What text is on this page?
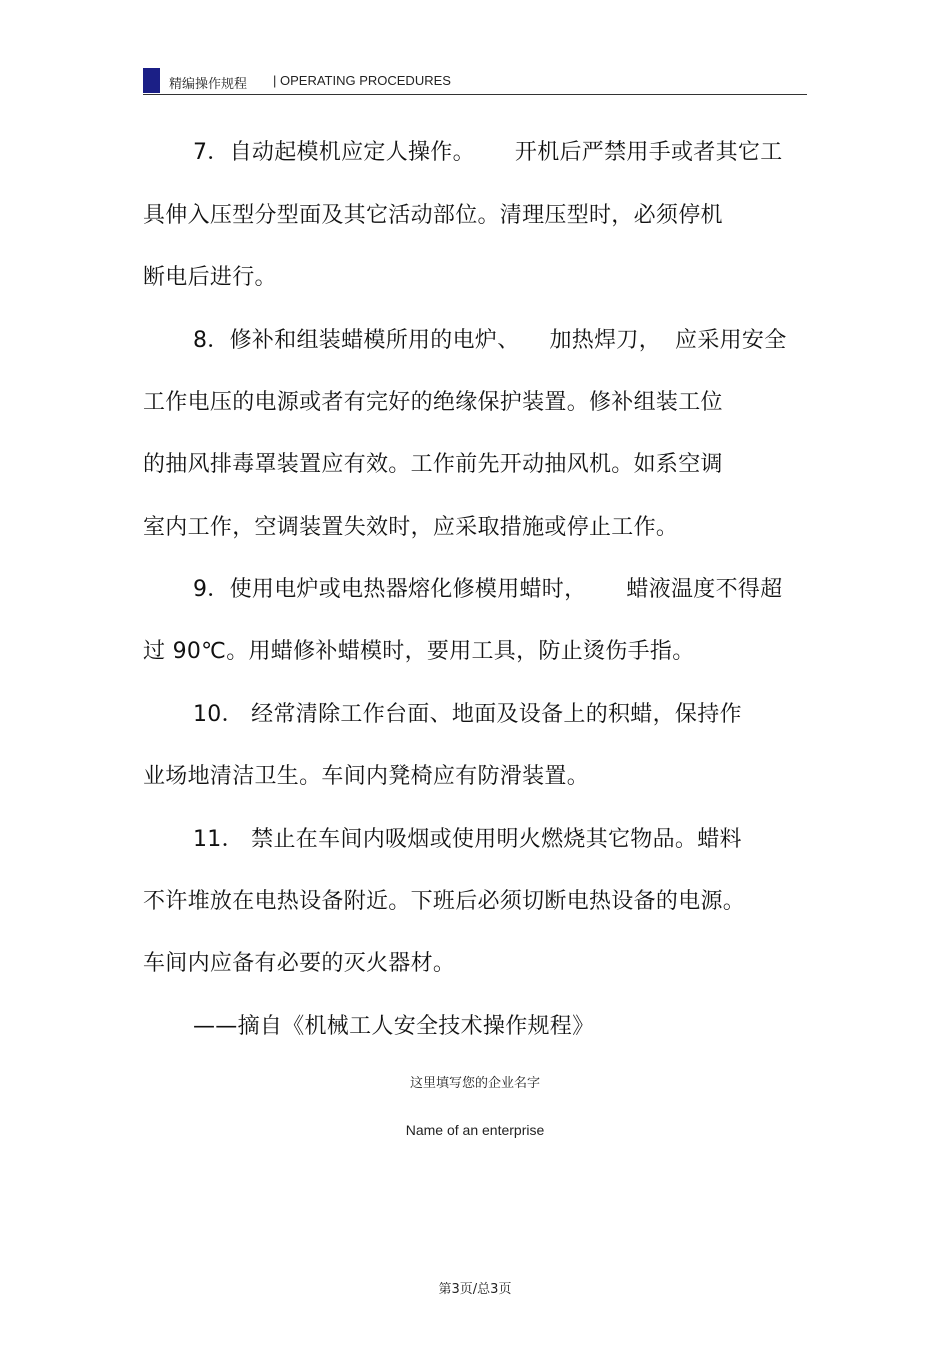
精编操作规程 | OPERATING PROCEDURES
7．自动起模机应定人操作。 开机后严禁用手或者其它工
具伸入压型分型面及其它活动部位。清理压型时，必须停机
断电后进行。
8．修补和组装蜡模所用的电炉、 加热焊刀， 应采用安全
工作电压的电源或者有完好的绝缘保护装置。修补组装工位
的抽风排毒罩装置应有效。工作前先开动抽风机。如系空调
室内工作，空调装置失效时，应采取措施或停止工作。
9．使用电炉或电热器熔化修模用蜡时， 蜡液温度不得超
过 90℃。用蜡修补蜡模时，要用工具，防止烫伤手指。
10． 经常清除工作台面、地面及设备上的积蜡，保持作
业场地清洁卫生。车间内凳椅应有防滑装置。
11． 禁止在车间内吸烟或使用明火燃烧其它物品。蜡料
不许堆放在电热设备附近。下班后必须切断电热设备的电源。
车间内应备有必要的灭火器材。
——摘自《机械工人安全技术操作规程》
这里填写您的企业名字
Name of an enterprise
第3页/总3页
